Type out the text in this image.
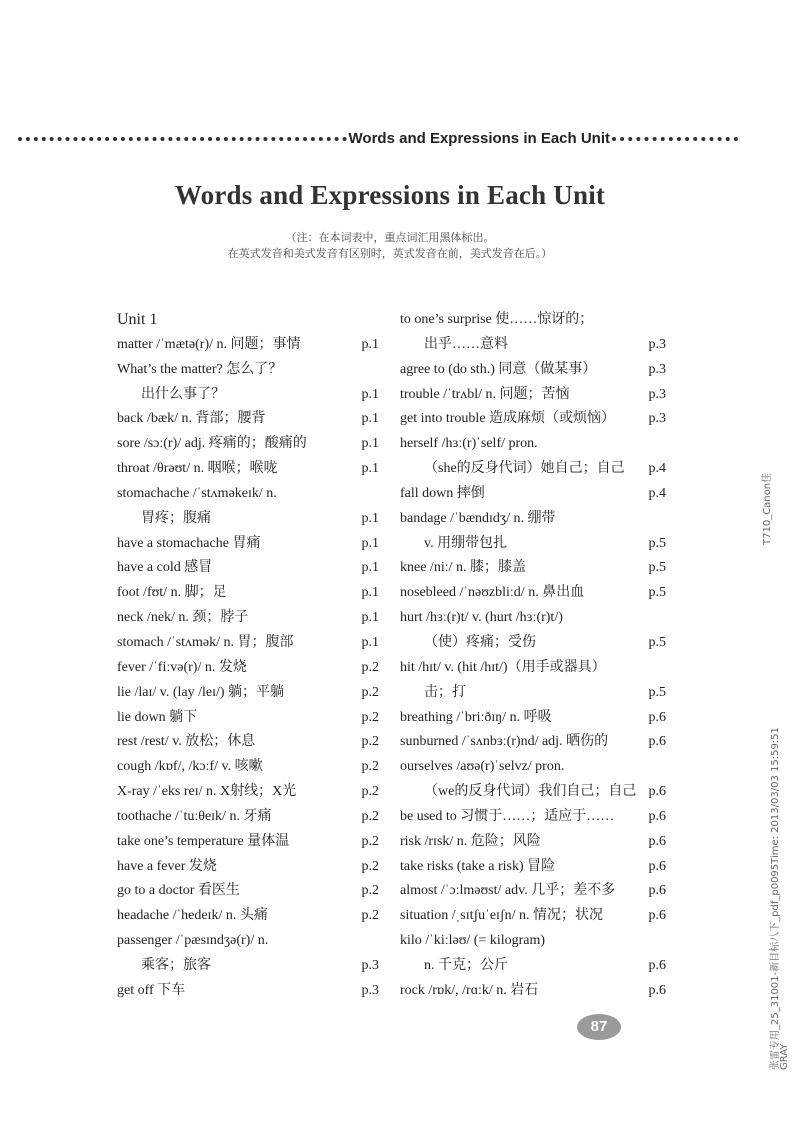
Words and Expressions in Each Unit
Words and Expressions in Each Unit
（注：在本词表中，重点词汇用黑体标出。
在英式发音和美式发音有区别时，英式发音在前，美式发音在后。）
Unit 1
matter /ˈmætə(r)/ n. 问题；事情	p.1
What’s the matter? 怎么了？
出什么事了？	p.1
back /bæk/ n. 背部；腰背	p.1
sore /sɔː(r)/ adj. 疼痛的；酸痛的	p.1
throat /θrəʊt/ n. 咽喉；喉咙	p.1
stomachache /ˈstʌməkeɪk/ n.
胃疼；腹痛	p.1
have a stomachache 胃痛	p.1
have a cold 感冒	p.1
foot /fʊt/ n. 脚；足	p.1
neck /nek/ n. 颈；脖子	p.1
stomach /ˈstʌmək/ n. 胃；腹部	p.1
fever /ˈfiːvə(r)/ n. 发烧	p.2
lie /laɪ/ v. (lay /leɪ/) 躺；平躺	p.2
lie down 躺下	p.2
rest /rest/ v. 放松；休息	p.2
cough /kɒf/, /kɔːf/ v. 咳嗽	p.2
X-ray /ˈeks reɪ/ n. X射线；X光	p.2
toothache /ˈtuːθeɪk/ n. 牙痛	p.2
take one’s temperature 量体温	p.2
have a fever 发烧	p.2
go to a doctor 看医生	p.2
headache /ˈhedeɪk/ n. 头痛	p.2
passenger /ˈpæsɪndʒə(r)/ n.
乘客；旅客	p.3
get off 下车	p.3
to one’s surprise 使……惊讶的；
出乎……意料	p.3
agree to (do sth.) 同意（做某事）	p.3
trouble /ˈtrʌbl/ n. 问题；苦恼	p.3
get into trouble 造成麻烦（或烦恼） p.3
herself /hɜː(r)ˈself/ pron.
（she的反身代词）她自己；自己 p.4
fall down 摔倒	p.4
bandage /ˈbændɪdʒ/ n. 绷带
v. 用绷带包扎	p.5
knee /niː/ n. 膝；膝盖	p.5
nosebleed /ˈnəʊzbliːd/ n. 鼻出血	p.5
hurt /hɜː(r)t/ v. (hurt /hɜː(r)t/)
（使）疼痛；受伤	p.5
hit /hɪt/ v. (hit /hɪt/)（用手或器具）
击；打	p.5
breathing /ˈbriːðɪŋ/ n. 呼吸	p.6
sunburned /ˈsʌnbɜː(r)nd/ adj. 晒伤的	p.6
ourselves /aʊə(r)ˈselvz/ pron.
（we的反身代词）我们自己；自己 p.6
be used to 习惯于……；适应于…… p.6
risk /rɪsk/ n. 危险；风险	p.6
take risks (take a risk) 冒险	p.6
almost /ˈɔːlməʊst/ adv. 几乎；差不多 p.6
situation /ˌsɪtʃuˈeɪʃn/ n. 情况；状况	p.6
kilo /ˈkiːləʊ/ (= kilogram)
n. 千克；公斤	p.6
rock /rɒk/, /rɑːk/ n. 岩石	p.6
87
T710_Canon佳
张雷专用_25_31001-新目标八下_pdf_p0095Time: 2013/03/03 15:59:51
GRAY
